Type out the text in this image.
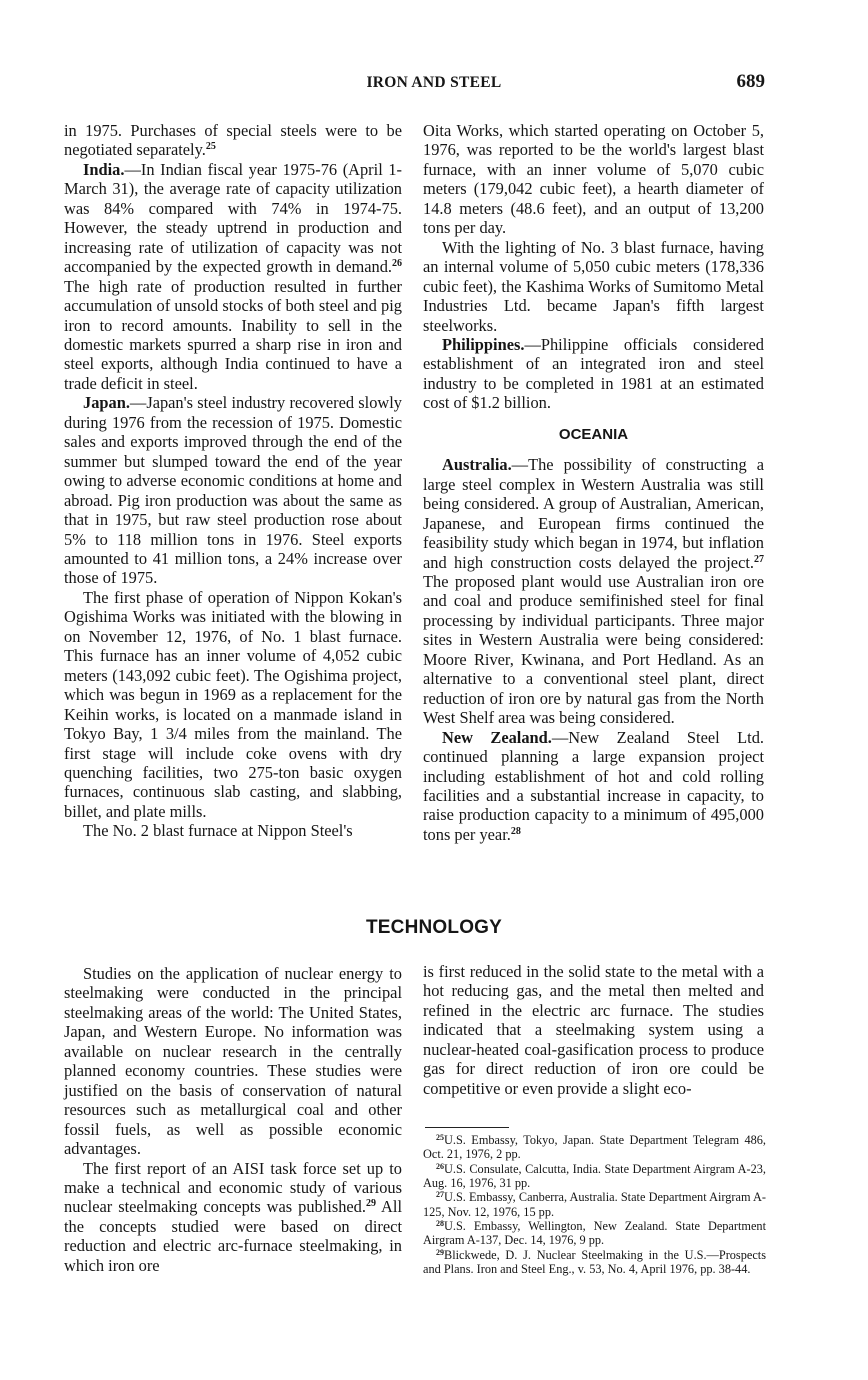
IRON AND STEEL	689

in 1975. Purchases of special steels were to be negotiated separately.$^{25}$

India.—In Indian fiscal year 1975-76 (April 1-March 31), the average rate of capacity utilization was 84% compared with 74% in 1974-75. However, the steady uptrend in production and increasing rate of utilization of capacity was not accompanied by the expected growth in demand.$^{26}$ The high rate of production resulted in further accumulation of unsold stocks of both steel and pig iron to record amounts. Inability to sell in the domestic markets spurred a sharp rise in iron and steel exports, although India continued to have a trade deficit in steel.

Japan.—Japan's steel industry recovered slowly during 1976 from the recession of 1975. Domestic sales and exports improved through the end of the summer but slumped toward the end of the year owing to adverse economic conditions at home and abroad. Pig iron production was about the same as that in 1975, but raw steel production rose about 5% to 118 million tons in 1976. Steel exports amounted to 41 million tons, a 24% increase over those of 1975.

The first phase of operation of Nippon Kokan's Ogishima Works was initiated with the blowing in on November 12, 1976, of No. 1 blast furnace. This furnace has an inner volume of 4,052 cubic meters (143,092 cubic feet). The Ogishima project, which was begun in 1969 as a replacement for the Keihin works, is located on a manmade island in Tokyo Bay, 1 3/4 miles from the mainland. The first stage will include coke ovens with dry quenching facilities, two 275-ton basic oxygen furnaces, continuous slab casting, and slabbing, billet, and plate mills.

The No. 2 blast furnace at Nippon Steel's

Oita Works, which started operating on October 5, 1976, was reported to be the world's largest blast furnace, with an inner volume of 5,070 cubic meters (179,042 cubic feet), a hearth diameter of 14.8 meters (48.6 feet), and an output of 13,200 tons per day.

With the lighting of No. 3 blast furnace, having an internal volume of 5,050 cubic meters (178,336 cubic feet), the Kashima Works of Sumitomo Metal Industries Ltd. became Japan's fifth largest steelworks.

Philippines.—Philippine officials considered establishment of an integrated iron and steel industry to be completed in 1981 at an estimated cost of $1.2 billion.

OCEANIA

Australia.—The possibility of constructing a large steel complex in Western Australia was still being considered. A group of Australian, American, Japanese, and European firms continued the feasibility study which began in 1974, but inflation and high construction costs delayed the project.$^{27}$ The proposed plant would use Australian iron ore and coal and produce semifinished steel for final processing by individual participants. Three major sites in Western Australia were being considered: Moore River, Kwinana, and Port Hedland. As an alternative to a conventional steel plant, direct reduction of iron ore by natural gas from the North West Shelf area was being considered.

New Zealand.—New Zealand Steel Ltd. continued planning a large expansion project including establishment of hot and cold rolling facilities and a substantial increase in capacity, to raise production capacity to a minimum of 495,000 tons per year.$^{28}$

TECHNOLOGY

Studies on the application of nuclear energy to steelmaking were conducted in the principal steelmaking areas of the world: The United States, Japan, and Western Europe. No information was available on nuclear research in the centrally planned economy countries. These studies were justified on the basis of conservation of natural resources such as metallurgical coal and other fossil fuels, as well as possible economic advantages.

The first report of an AISI task force set up to make a technical and economic study of various nuclear steelmaking concepts was published.$^{29}$ All the concepts studied were based on direct reduction and electric arc-furnace steelmaking, in which iron ore

is first reduced in the solid state to the metal with a hot reducing gas, and the metal then melted and refined in the electric arc furnace. The studies indicated that a steelmaking system using a nuclear-heated coal-gasification process to produce gas for direct reduction of iron ore could be competitive or even provide a slight eco-

$^{25}$U.S. Embassy, Tokyo, Japan. State Department Telegram 486, Oct. 21, 1976, 2 pp.

$^{26}$U.S. Consulate, Calcutta, India. State Department Airgram A-23, Aug. 16, 1976, 31 pp.

$^{27}$U.S. Embassy, Canberra, Australia. State Department Airgram A-125, Nov. 12, 1976, 15 pp.

$^{28}$U.S. Embassy, Wellington, New Zealand. State Department Airgram A-137, Dec. 14, 1976, 9 pp.

$^{29}$Blickwede, D. J. Nuclear Steelmaking in the U.S.—Prospects and Plans. Iron and Steel Eng., v. 53, No. 4, April 1976, pp. 38-44.
